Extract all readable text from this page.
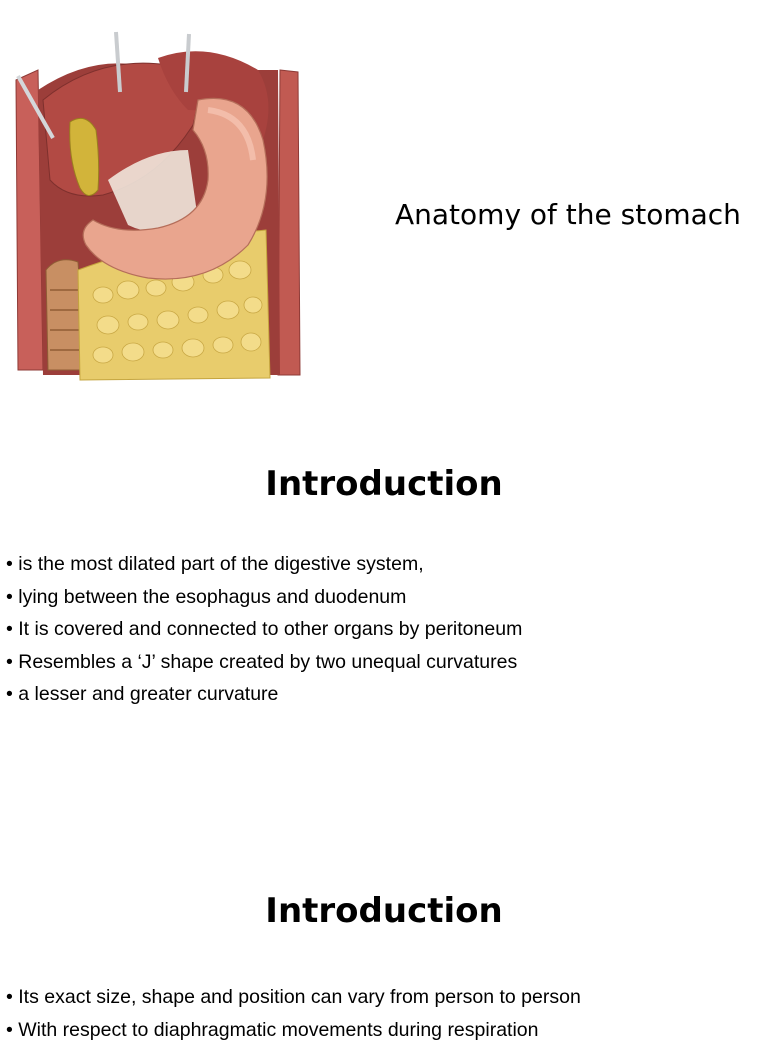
Anatomy of the stomach
Introduction
• is the most dilated part of the digestive system,
• lying between the esophagus and duodenum
• It is covered and connected to other organs by peritoneum
• Resembles a ‘J’ shape created by two unequal curvatures
• a lesser and greater curvature
Introduction
• Its exact size, shape and position can vary from person to person
• With respect to diaphragmatic movements during respiration
